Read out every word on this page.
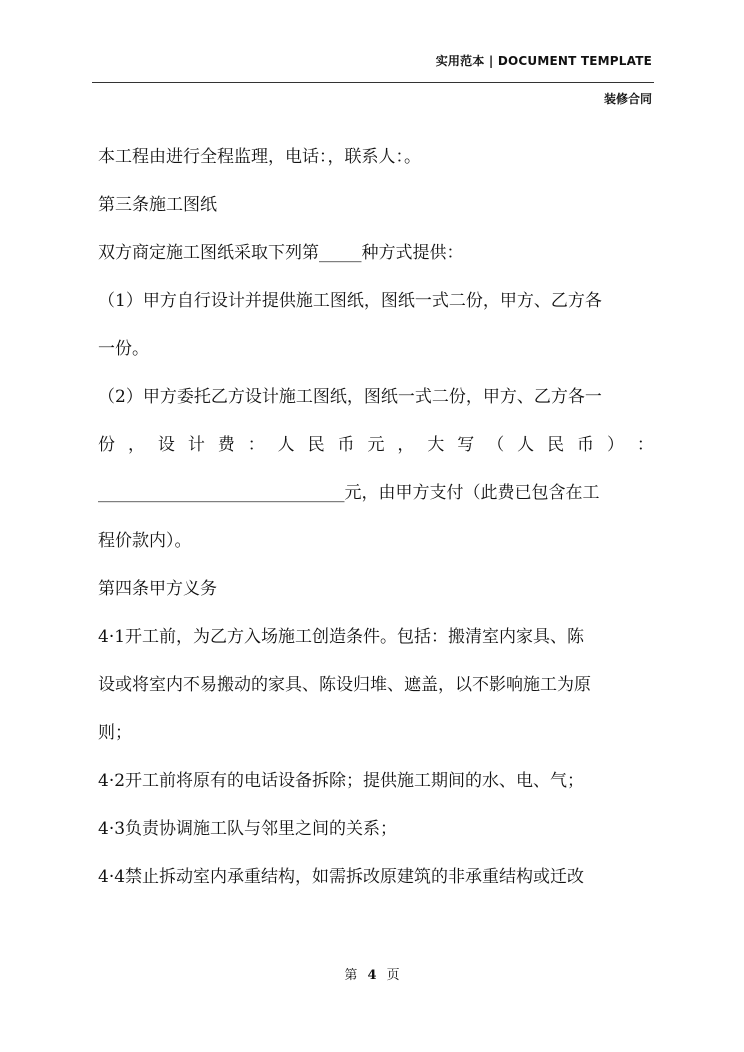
实用范本 | DOCUMENT TEMPLATE
装修合同
本工程由进行全程监理，电话：，联系人：。
第三条施工图纸
双方商定施工图纸采取下列第_____种方式提供：
（1）甲方自行设计并提供施工图纸，图纸一式二份，甲方、乙方各
一份。
（2）甲方委托乙方设计施工图纸，图纸一式二份，甲方、乙方各一
份 ， 设 计 费 ： 人 民 币 元 ， 大 写 （ 人 民 币 ） ：
_____________________________元，由甲方支付（此费已包含在工
程价款内）。
第四条甲方义务
4·1开工前，为乙方入场施工创造条件。包括：搬清室内家具、陈
设或将室内不易搬动的家具、陈设归堆、遮盖，以不影响施工为原
则；
4·2开工前将原有的电话设备拆除；提供施工期间的水、电、气；
4·3负责协调施工队与邻里之间的关系；
4·4禁止拆动室内承重结构，如需拆改原建筑的非承重结构或迁改
第 4 页
